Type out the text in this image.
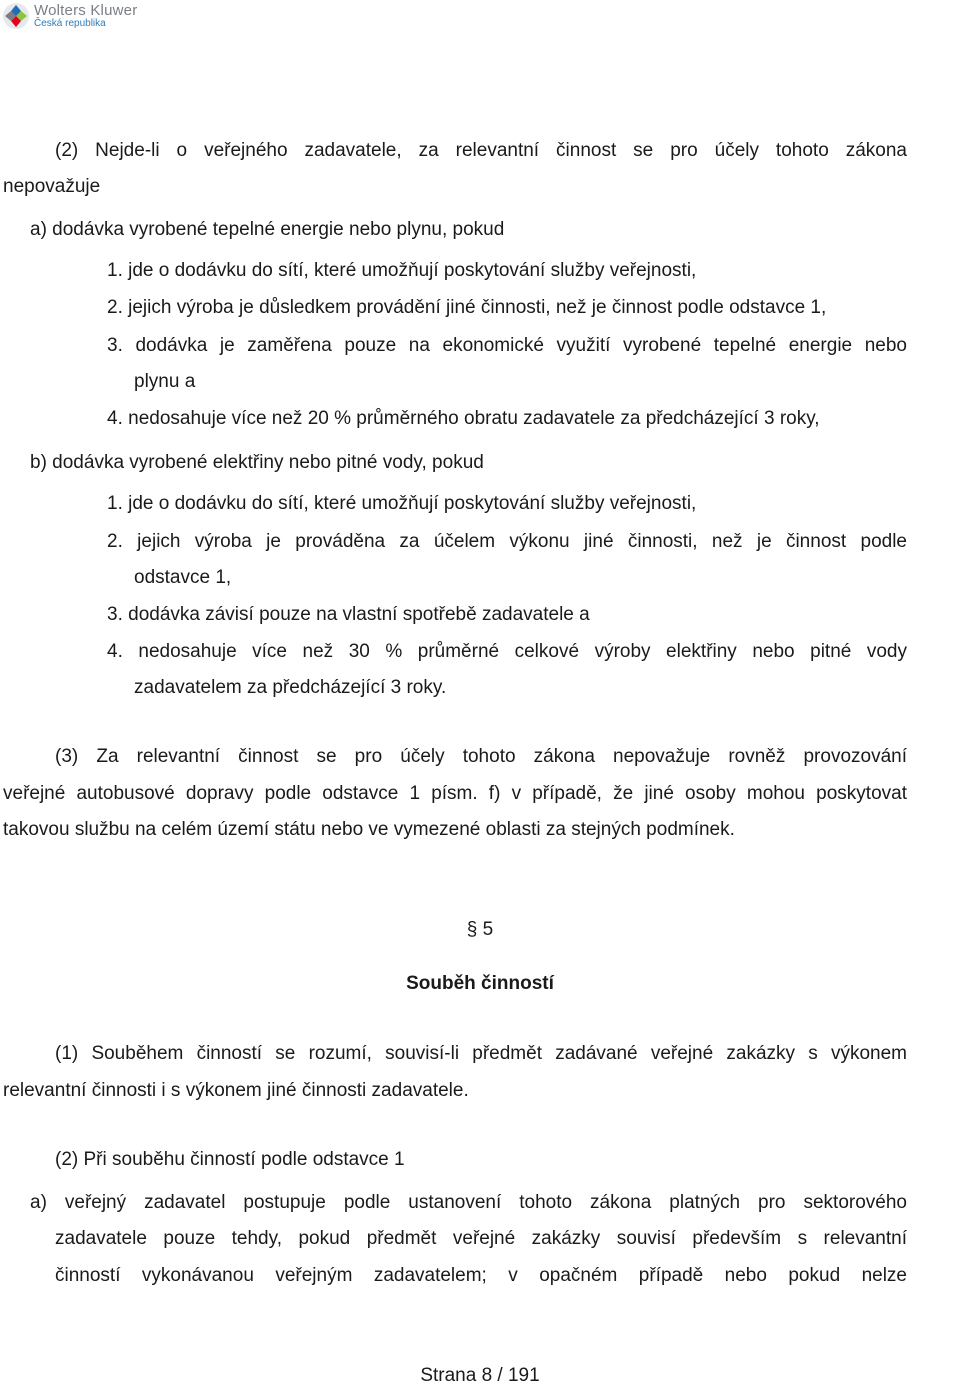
Wolters Kluwer
Česká republika
(2) Nejde-li o veřejného zadavatele, za relevantní činnost se pro účely tohoto zákona
nepovažuje
a) dodávka vyrobené tepelné energie nebo plynu, pokud
1. jde o dodávku do sítí, které umožňují poskytování služby veřejnosti,
2. jejich výroba je důsledkem provádění jiné činnosti, než je činnost podle odstavce 1,
3. dodávka je zaměřena pouze na ekonomické využití vyrobené tepelné energie nebo
plynu a
4. nedosahuje více než 20 % průměrného obratu zadavatele za předcházející 3 roky,
b) dodávka vyrobené elektřiny nebo pitné vody, pokud
1. jde o dodávku do sítí, které umožňují poskytování služby veřejnosti,
2. jejich výroba je prováděna za účelem výkonu jiné činnosti, než je činnost podle
odstavce 1,
3. dodávka závisí pouze na vlastní spotřebě zadavatele a
4. nedosahuje více než 30 % průměrné celkové výroby elektřiny nebo pitné vody
zadavatelem za předcházející 3 roky.
(3) Za relevantní činnost se pro účely tohoto zákona nepovažuje rovněž provozování
veřejné autobusové dopravy podle odstavce 1 písm. f) v případě, že jiné osoby mohou poskytovat
takovou službu na celém území státu nebo ve vymezené oblasti za stejných podmínek.
§ 5
Souběh činností
(1) Souběhem činností se rozumí, souvisí-li předmět zadávané veřejné zakázky s výkonem
relevantní činnosti i s výkonem jiné činnosti zadavatele.
(2) Při souběhu činností podle odstavce 1
a) veřejný zadavatel postupuje podle ustanovení tohoto zákona platných pro sektorového
zadavatele pouze tehdy, pokud předmět veřejné zakázky souvisí především s relevantní
činností vykonávanou veřejným zadavatelem; v opačném případě nebo pokud nelze
Strana 8 / 191
